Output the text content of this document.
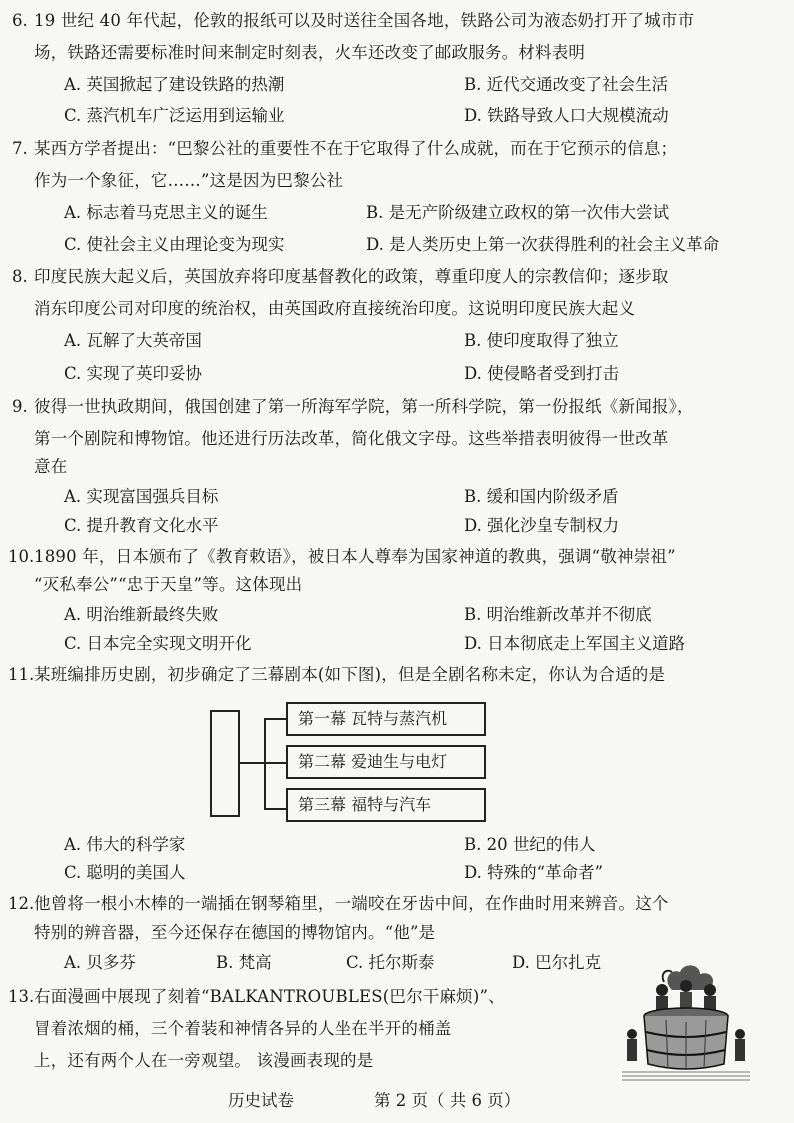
6. 19 世纪 40 年代起，伦敦的报纸可以及时送往全国各地，铁路公司为液态奶打开了城市市
场，铁路还需要标准时间来制定时刻表，火车还改变了邮政服务。材料表明
A. 英国掀起了建设铁路的热潮	B. 近代交通改变了社会生活
C. 蒸汽机车广泛运用到运输业	D. 铁路导致人口大规模流动
7. 某西方学者提出：“巴黎公社的重要性不在于它取得了什么成就，而在于它预示的信息；
作为一个象征，它……”这是因为巴黎公社
A. 标志着马克思主义的诞生	B. 是无产阶级建立政权的第一次伟大尝试
C. 使社会主义由理论变为现实	D. 是人类历史上第一次获得胜利的社会主义革命
8. 印度民族大起义后，英国放弃将印度基督教化的政策，尊重印度人的宗教信仰；逐步取
消东印度公司对印度的统治权，由英国政府直接统治印度。这说明印度民族大起义
A. 瓦解了大英帝国	B. 使印度取得了独立
C. 实现了英印妥协	D. 使侵略者受到打击
9. 彼得一世执政期间，俄国创建了第一所海军学院，第一所科学院，第一份报纸《新闻报》，
第一个剧院和博物馆。他还进行历法改革，简化俄文字母。这些举措表明彼得一世改革
意在
A. 实现富国强兵目标	B. 缓和国内阶级矛盾
C. 提升教育文化水平	D. 强化沙皇专制权力
10. 1890 年，日本颁布了《教育敕语》，被日本人尊奉为国家神道的教典，强调“敬神崇祖”
“灭私奉公”“忠于天皇”等。这体现出
A. 明治维新最终失败	B. 明治维新改革并不彻底
C. 日本完全实现文明开化	D. 日本彻底走上军国主义道路
11. 某班编排历史剧，初步确定了三幕剧本(如下图)，但是全剧名称未定，你认为合适的是
第一幕 瓦特与蒸汽机
第二幕 爱迪生与电灯
第三幕 福特与汽车
A. 伟大的科学家	B. 20 世纪的伟人
C. 聪明的美国人	D. 特殊的“革命者”
12. 他曾将一根小木棒的一端插在钢琴箱里，一端咬在牙齿中间，在作曲时用来辨音。这个
特别的辨音器，至今还保存在德国的博物馆内。“他”是
A. 贝多芬	B. 梵高	C. 托尔斯泰	D. 巴尔扎克
13. 右面漫画中展现了刻着“BALKANTROUBLES(巴尔干麻烦)”、
冒着浓烟的桶，三个着装和神情各异的人坐在半开的桶盖
上，还有两个人在一旁观望。 该漫画表现的是
历史试卷	第 2 页（ 共 6 页）
